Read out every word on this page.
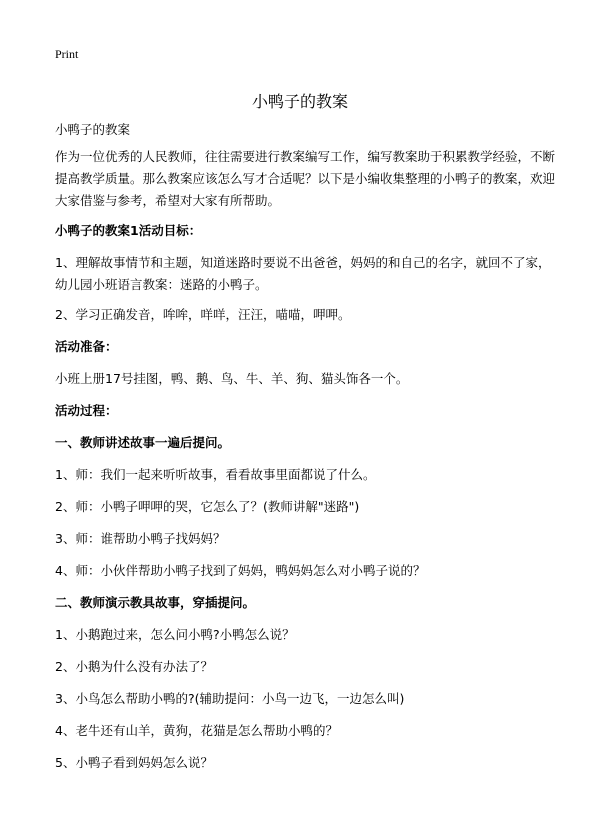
Print
小鸭子的教案

小鸭子的教案

作为一位优秀的人民教师，往往需要进行教案编写工作，编写教案助于积累教学经验，不断提高教学质量。那么教案应该怎么写才合适呢？以下是小编收集整理的小鸭子的教案，欢迎大家借鉴与参考，希望对大家有所帮助。

小鸭子的教案1活动目标：

1、理解故事情节和主题，知道迷路时要说不出爸爸，妈妈的和自己的名字，就回不了家，幼儿园小班语言教案：迷路的小鸭子。

2、学习正确发音，哞哞，咩咩，汪汪，喵喵，呷呷。

活动准备：

小班上册17号挂图，鸭、鹅、鸟、牛、羊、狗、猫头饰各一个。

活动过程：

一、教师讲述故事一遍后提问。

1、师：我们一起来听听故事，看看故事里面都说了什么。

2、师：小鸭子呷呷的哭，它怎么了？(教师讲解"迷路")

3、师：谁帮助小鸭子找妈妈？

4、师：小伙伴帮助小鸭子找到了妈妈，鸭妈妈怎么对小鸭子说的？

二、教师演示教具故事，穿插提问。

1、小鹅跑过来，怎么问小鸭?小鸭怎么说？

2、小鹅为什么没有办法了？

3、小鸟怎么帮助小鸭的?(辅助提问：小鸟一边飞，一边怎么叫)

4、老牛还有山羊，黄狗，花猫是怎么帮助小鸭的？

5、小鸭子看到妈妈怎么说？
